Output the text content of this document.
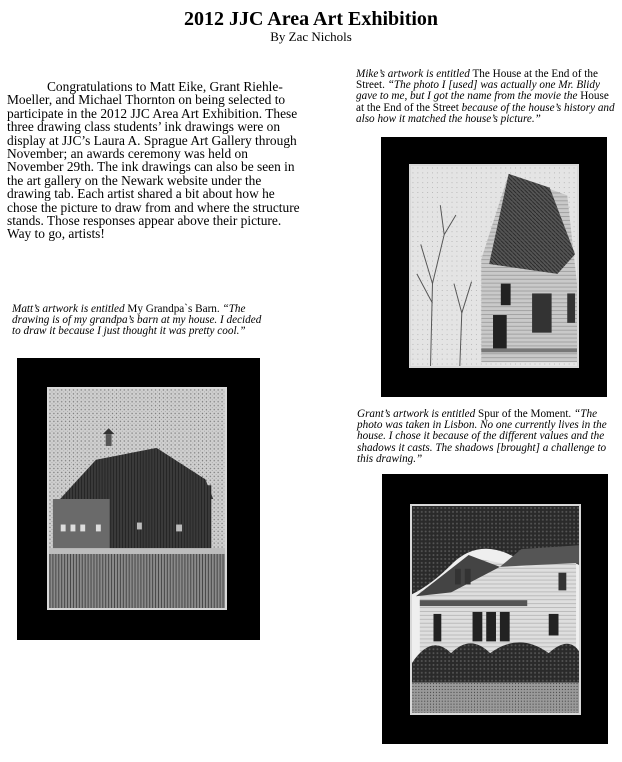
2012 JJC Area Art Exhibition
By Zac Nichols
Congratulations to Matt Eike, Grant Riehle-Moeller, and Michael Thornton on being selected to participate in the 2012 JJC Area Art Exhibition. These three drawing class students’ ink drawings were on display at JJC’s Laura A. Sprague Art Gallery through November; an awards ceremony was held on November 29th. The ink drawings can also be seen in the art gallery on the Newark website under the drawing tab. Each artist shared a bit about how he chose the picture to draw from and where the structure stands. Those responses appear above their picture. Way to go, artists!
Matt’s artwork is entitled My Grandpa`s Barn. “The drawing is of my grandpa’s barn at my house. I decided to draw it because I just thought it was pretty cool.”
Mike’s artwork is entitled The House at the End of the Street. “The photo I [used] was actually one Mr. Blidy gave to me, but I got the name from the movie the House at the End of the Street because of the house’s history and also how it matched the house’s picture.”
Grant’s artwork is entitled Spur of the Moment. “The photo was taken in Lisbon. No one currently lives in the house. I chose it because of the different values and the shadows it casts. The shadows [brought] a challenge to this drawing.”
